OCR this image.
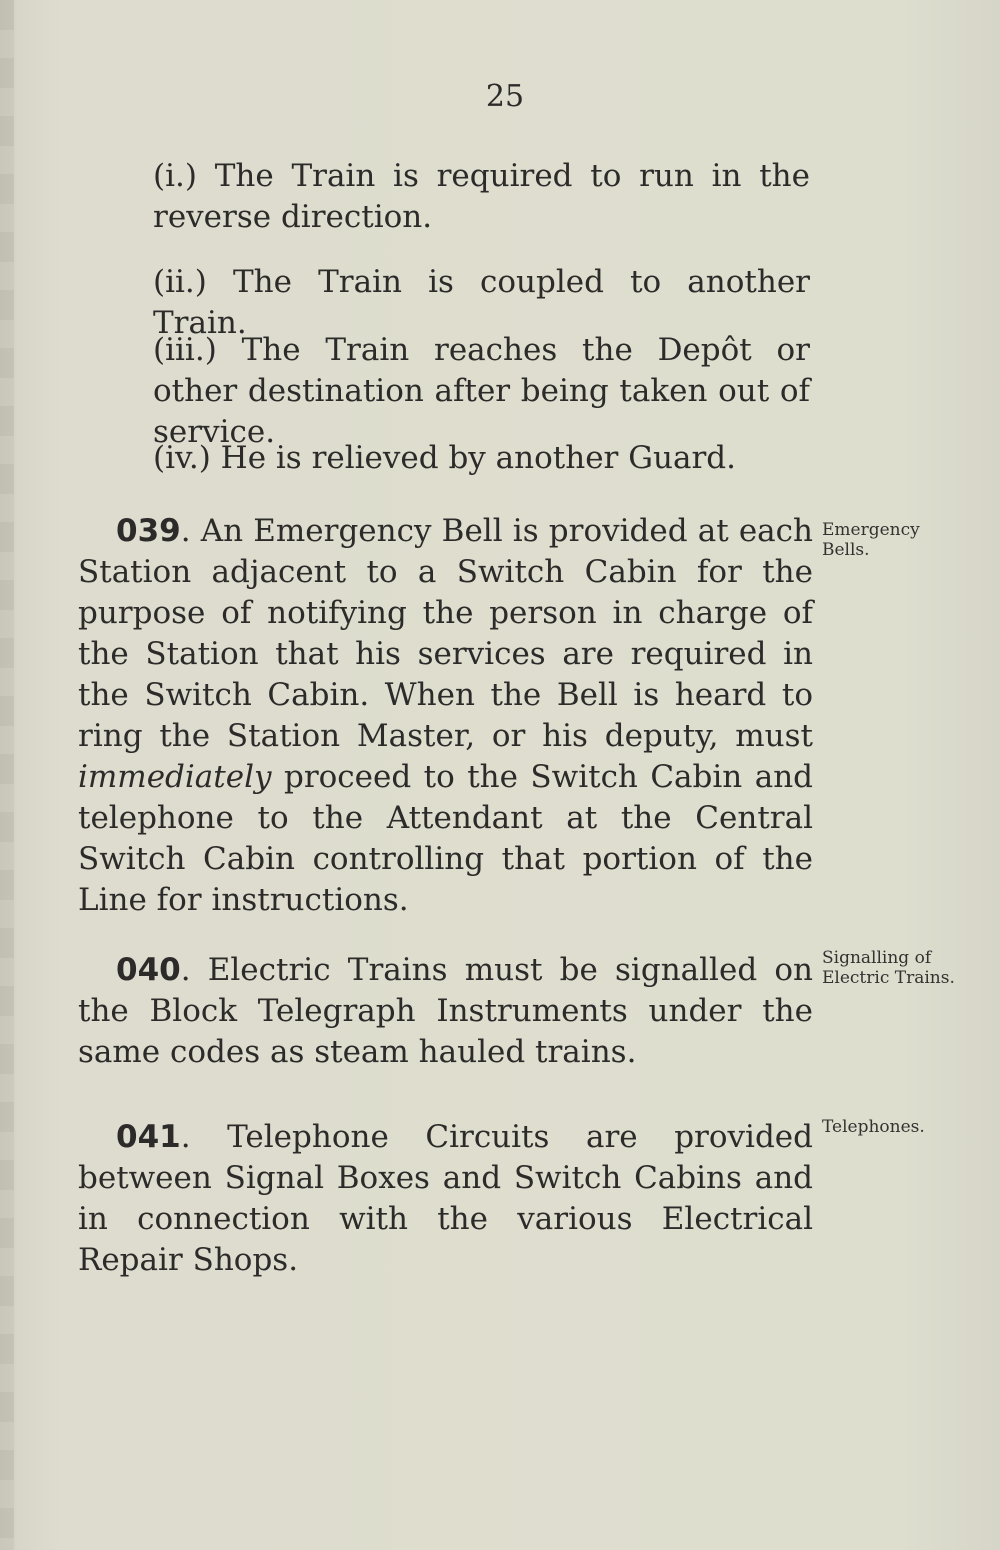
25
(i.) The Train is required to run in the reverse direction.
(ii.) The Train is coupled to another Train.
(iii.) The Train reaches the Depôt or other destination after being taken out of service.
(iv.) He is relieved by another Guard.
039. An Emergency Bell is provided at each Station adjacent to a Switch Cabin for the purpose of notifying the person in charge of the Station that his services are required in the Switch Cabin. When the Bell is heard to ring the Station Master, or his deputy, must immediately proceed to the Switch Cabin and telephone to the Attendant at the Central Switch Cabin controlling that portion of the Line for instructions.
Emergency Bells.
040. Electric Trains must be signalled on the Block Telegraph Instruments under the same codes as steam hauled trains.
Signalling of Electric Trains.
041. Telephone Circuits are provided between Signal Boxes and Switch Cabins and in connection with the various Electrical Repair Shops.
Telephones.
